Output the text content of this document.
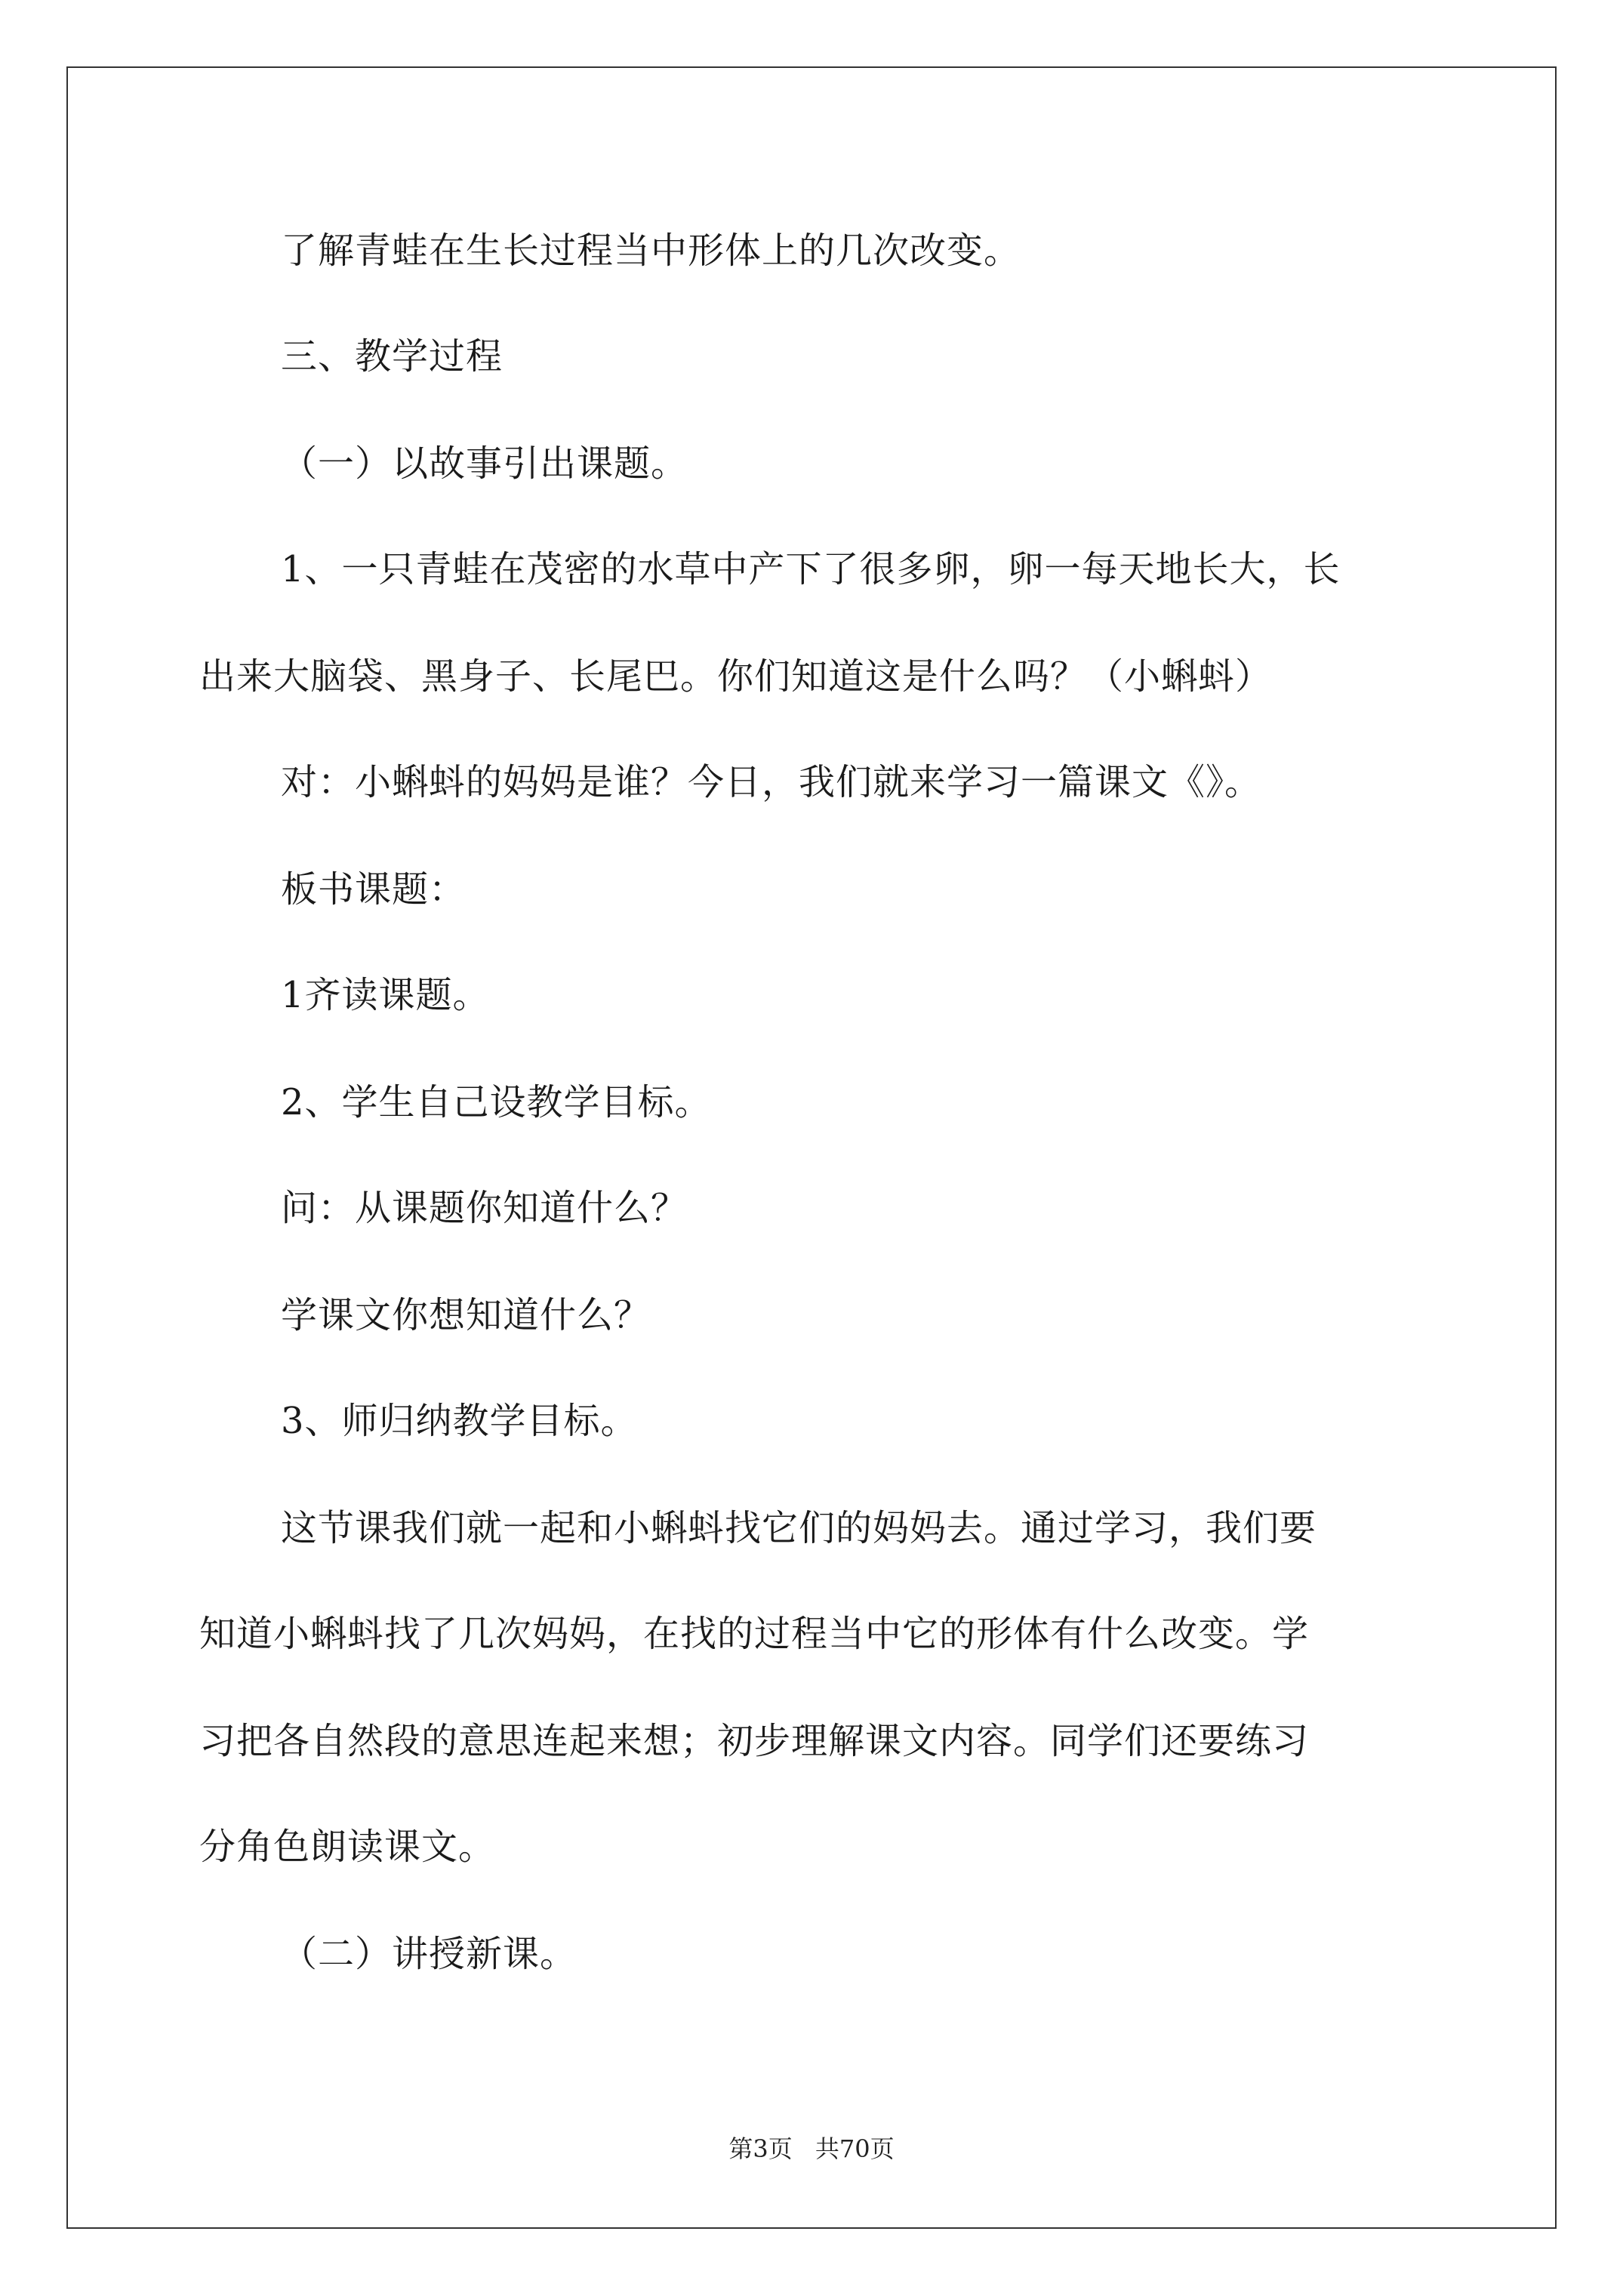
了解青蛙在生长过程当中形体上的几次改变。
三、教学过程
（一）以故事引出课题。
1、一只青蛙在茂密的水草中产下了很多卵，卵一每天地长大，长
出来大脑袋、黑身子、长尾巴。你们知道这是什么吗？（小蝌蚪）
对：小蝌蚪的妈妈是谁？今日，我们就来学习一篇课文《》。
板书课题：
1齐读课题。
2、学生自己设教学目标。
问：从课题你知道什么？
学课文你想知道什么？
3、师归纳教学目标。
这节课我们就一起和小蝌蚪找它们的妈妈去。通过学习，我们要
知道小蝌蚪找了几次妈妈，在找的过程当中它的形体有什么改变。学
习把各自然段的意思连起来想；初步理解课文内容。同学们还要练习
分角色朗读课文。
（二）讲授新课。
第3页 共70页
